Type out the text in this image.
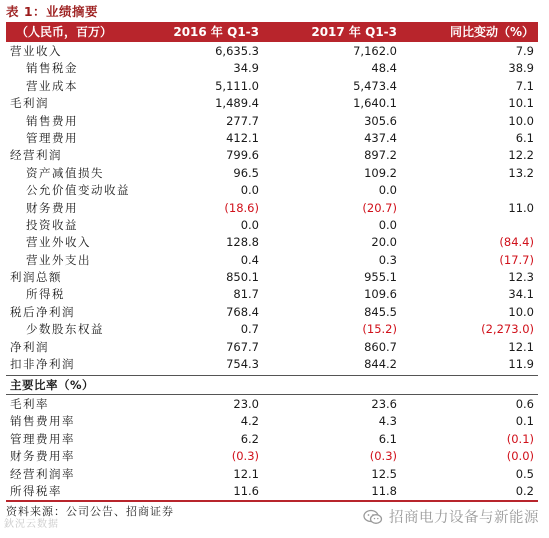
表 1：业绩摘要
（人民币，百万）	2016 年 Q1-3	2017 年 Q1-3	同比变动（%）
营业收入	6,635.3	7,162.0	7.9
销售税金	34.9	48.4	38.9
营业成本	5,111.0	5,473.4	7.1
毛利润	1,489.4	1,640.1	10.1
销售费用	277.7	305.6	10.0
管理费用	412.1	437.4	6.1
经营利润	799.6	897.2	12.2
资产减值损失	96.5	109.2	13.2
公允价值变动收益	0.0	0.0
财务费用	(18.6)	(20.7)	11.0
投资收益	0.0	0.0
营业外收入	128.8	20.0	(84.4)
营业外支出	0.4	0.3	(17.7)
利润总额	850.1	955.1	12.3
所得税	81.7	109.6	34.1
税后净利润	768.4	845.5	10.0
少数股东权益	0.7	(15.2)	(2,273.0)
净利润	767.7	860.7	12.1
扣非净利润	754.3	844.2	11.9
主要比率（%）
毛利率	23.0	23.6	0.6
销售费用率	4.2	4.3	0.1
管理费用率	6.2	6.1	(0.1)
财务费用率	(0.3)	(0.3)	(0.0)
经营利润率	12.1	12.5	0.5
所得税率	11.6	11.8	0.2
资料来源：公司公告、招商证券
鈥況云数据	招商电力设备与新能源
